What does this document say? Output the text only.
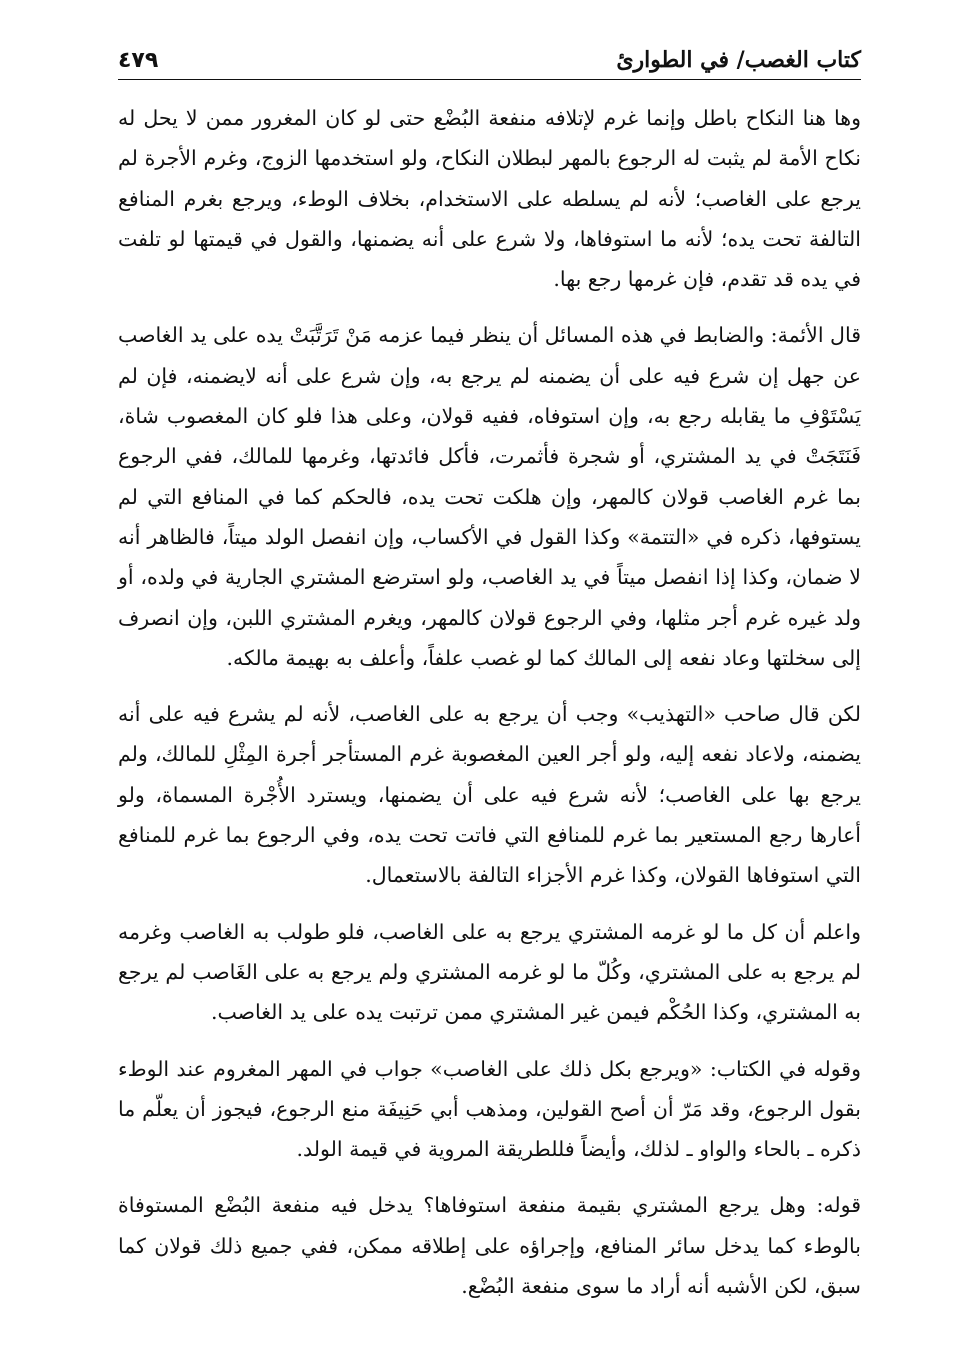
كتاب الغصب/ في الطوارئ
٤٧٩

وها هنا النكاح باطل وإنما غرم لإتلافه منفعة البُضْع حتى لو كان المغرور ممن لا يحل له نكاح الأمة لم يثبت له الرجوع بالمهر لبطلان النكاح، ولو استخدمها الزوج، وغرم الأجرة لم يرجع على الغاصب؛ لأنه لم يسلطه على الاستخدام، بخلاف الوطء، ويرجع بغرم المنافع التالفة تحت يده؛ لأنه ما استوفاها، ولا شرع على أنه يضمنها، والقول في قيمتها لو تلفت في يده قد تقدم، فإن غرمها رجع بها.

قال الأئمة: والضابط في هذه المسائل أن ينظر فيما عزمه مَنْ تَرَتَّبَتْ يده على يد الغاصب عن جهل إن شرع فيه على أن يضمنه لم يرجع به، وإن شرع على أنه لايضمنه، فإن لم يَسْتَوْفِ ما يقابله رجع به، وإن استوفاه، ففيه قولان، وعلى هذا فلو كان المغصوب شاة، فَنَتَجَتْ في يد المشتري، أو شجرة فأثمرت، فأكل فائدتها، وغرمها للمالك، ففي الرجوع بما غرم الغاصب قولان كالمهر، وإن هلكت تحت يده، فالحكم كما في المنافع التي لم يستوفها، ذكره في «التتمة» وكذا القول في الأكساب، وإن انفصل الولد ميتاً، فالظاهر أنه لا ضمان، وكذا إذا انفصل ميتاً في يد الغاصب، ولو استرضع المشتري الجارية في ولده، أو ولد غيره غرم أجر مثلها، وفي الرجوع قولان كالمهر، ويغرم المشتري اللبن، وإن انصرف إلى سخلتها وعاد نفعه إلى المالك كما لو غصب علفاً، وأعلف به بهيمة مالكه.

لكن قال صاحب «التهذيب» وجب أن يرجع به على الغاصب، لأنه لم يشرع فيه على أنه يضمنه، ولاعاد نفعه إليه، ولو أجر العين المغصوبة غرم المستأجر أجرة المِثْلِ للمالك، ولم يرجع بها على الغاصب؛ لأنه شرع فيه على أن يضمنها، ويسترد الأُجْرة المسماة، ولو أعارها رجع المستعير بما غرم للمنافع التي فاتت تحت يده، وفي الرجوع بما غرم للمنافع التي استوفاها القولان، وكذا غرم الأجزاء التالفة بالاستعمال.

واعلم أن كل ما لو غرمه المشتري يرجع به على الغاصب، فلو طولب به الغاصب وغرمه لم يرجع به على المشتري، وكُلّ ما لو غرمه المشتري ولم يرجع به على الغَاصب لم يرجع به المشتري، وكذا الحُكْم فيمن غير المشتري ممن ترتبت يده على يد الغاصب.

وقوله في الكتاب: «ويرجع بكل ذلك على الغاصب» جواب في المهر المغروم عند الوطء بقول الرجوع، وقد مَرّ أن أصح القولين، ومذهب أبي حَنِيفَة منع الرجوع، فيجوز أن يعلّم ما ذكره ـ بالحاء والواو ـ لذلك، وأيضاً فللطريقة المروية في قيمة الولد.

قوله: وهل يرجع المشتري بقيمة منفعة استوفاها؟ يدخل فيه منفعة البُضْع المستوفاة بالوطء كما يدخل سائر المنافع، وإجراؤه على إطلاقه ممكن، ففي جميع ذلك قولان كما سبق، لكن الأشبه أنه أراد ما سوى منفعة البُضْع.
